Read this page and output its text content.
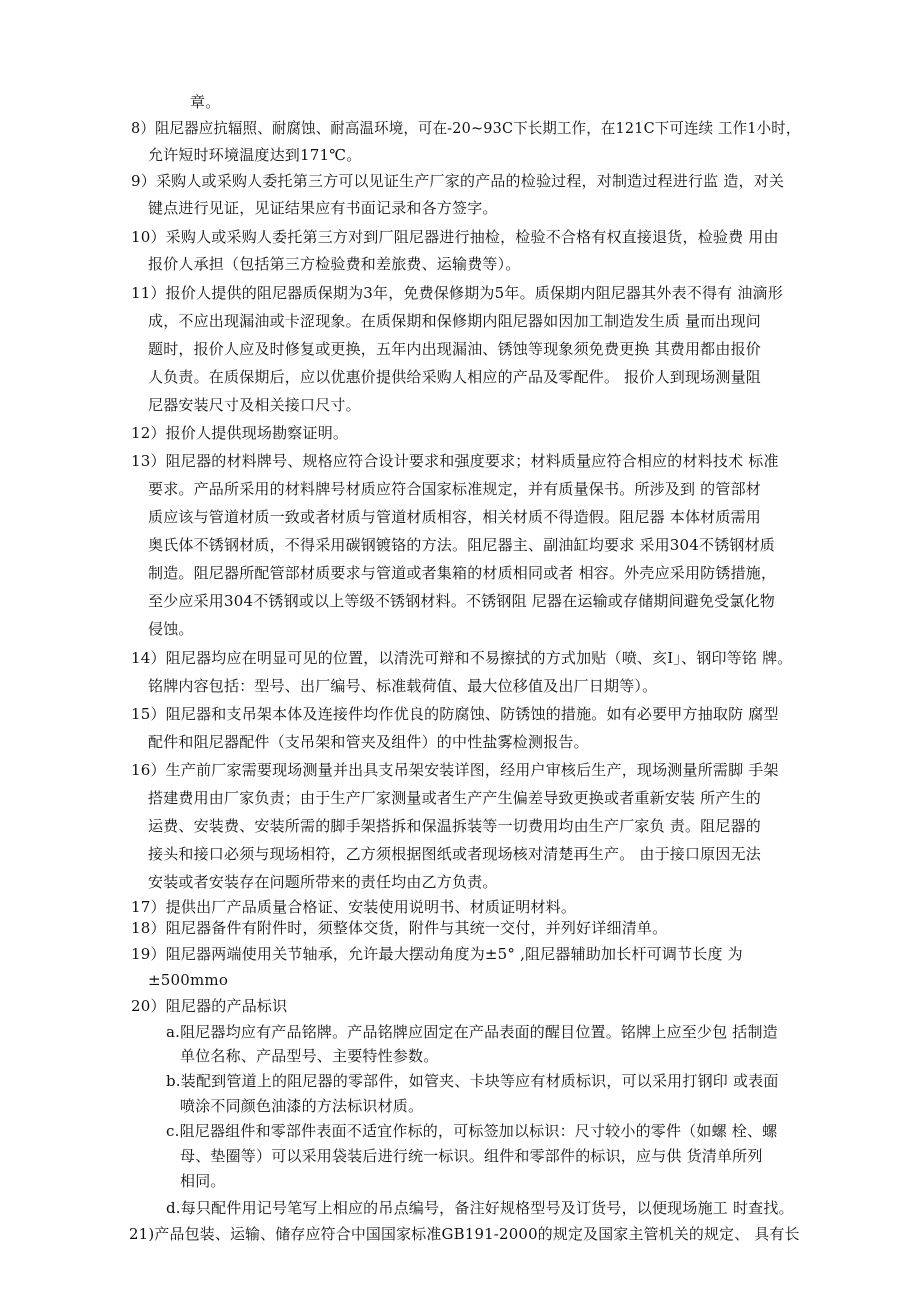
章。
8）阻尼器应抗辐照、耐腐蚀、耐高温环境，可在-20~93C下长期工作，在121C下可连续 工作1小时，
允许短时环境温度达到171℃。
9）采购人或采购人委托第三方可以见证生产厂家的产品的检验过程，对制造过程进行监 造，对关
键点进行见证，见证结果应有书面记录和各方签字。
10）采购人或采购人委托第三方对到厂阻尼器进行抽检，检验不合格有权直接退货，检验费 用由
报价人承担（包括第三方检验费和差旅费、运输费等）。
11）报价人提供的阻尼器质保期为3年，免费保修期为5年。质保期内阻尼器其外表不得有 油滴形
成，不应出现漏油或卡涩现象。在质保期和保修期内阻尼器如因加工制造发生质 量而出现问
题时，报价人应及时修复或更换，五年内出现漏油、锈蚀等现象须免费更换 其费用都由报价
人负责。在质保期后，应以优惠价提供给采购人相应的产品及零配件。 报价人到现场测量阻
尼器安装尺寸及相关接口尺寸。
12）报价人提供现场勘察证明。
13）阻尼器的材料牌号、规格应符合设计要求和强度要求；材料质量应符合相应的材料技术 标准
要求。产品所采用的材料牌号材质应符合国家标准规定，并有质量保书。所涉及到 的管部材
质应该与管道材质一致或者材质与管道材质相容，相关材质不得造假。阻尼器 本体材质需用
奥氏体不锈钢材质，不得采用碳钢镀铬的方法。阻尼器主、副油缸均要求 采用304不锈钢材质
制造。阻尼器所配管部材质要求与管道或者集箱的材质相同或者 相容。外壳应采用防锈措施，
至少应采用304不锈钢或以上等级不锈钢材料。不锈钢阻 尼器在运输或存储期间避免受氯化物
侵蚀。
14）阻尼器均应在明显可见的位置，以清洗可辩和不易擦拭的方式加贴（喷、亥I」、钢印等铭 牌。
铭牌内容包括：型号、出厂编号、标准载荷值、最大位移值及出厂日期等）。
15）阻尼器和支吊架本体及连接件均作优良的防腐蚀、防锈蚀的措施。如有必要甲方抽取防 腐型
配件和阻尼器配件（支吊架和管夹及组件）的中性盐雾检测报告。
16）生产前厂家需要现场测量并出具支吊架安装详图，经用户审核后生产，现场测量所需脚 手架
搭建费用由厂家负责；由于生产厂家测量或者生产产生偏差导致更换或者重新安装 所产生的
运费、安装费、安装所需的脚手架搭拆和保温拆装等一切费用均由生产厂家负 责。阻尼器的
接头和接口必须与现场相符，乙方须根据图纸或者现场核对清楚再生产。 由于接口原因无法
安装或者安装存在问题所带来的责任均由乙方负责。
17）提供出厂产品质量合格证、安装使用说明书、材质证明材料。
18）阻尼器备件有附件时，须整体交货，附件与其统一交付，并列好详细清单。
19）阻尼器两端使用关节轴承，允许最大摆动角度为±5° ,阻尼器辅助加长杆可调节长度 为
±500mmo
20）阻尼器的产品标识
a.阻尼器均应有产品铭牌。产品铭牌应固定在产品表面的醒目位置。铭牌上应至少包 括制造
单位名称、产品型号、主要特性参数。
b.装配到管道上的阻尼器的零部件，如管夹、卡块等应有材质标识，可以采用打钢印 或表面
喷涂不同颜色油漆的方法标识材质。
c.阻尼器组件和零部件表面不适宜作标的，可标签加以标识：尺寸较小的零件（如螺 栓、螺
母、垫圈等）可以采用袋装后进行统一标识。组件和零部件的标识，应与供 货清单所列
相同。
d.每只配件用记号笔写上相应的吊点编号，备注好规格型号及订货号，以便现场施工 时查找。
21)产品包装、运输、储存应符合中国国家标准GB191-2000的规定及国家主管机关的规定、 具有长
